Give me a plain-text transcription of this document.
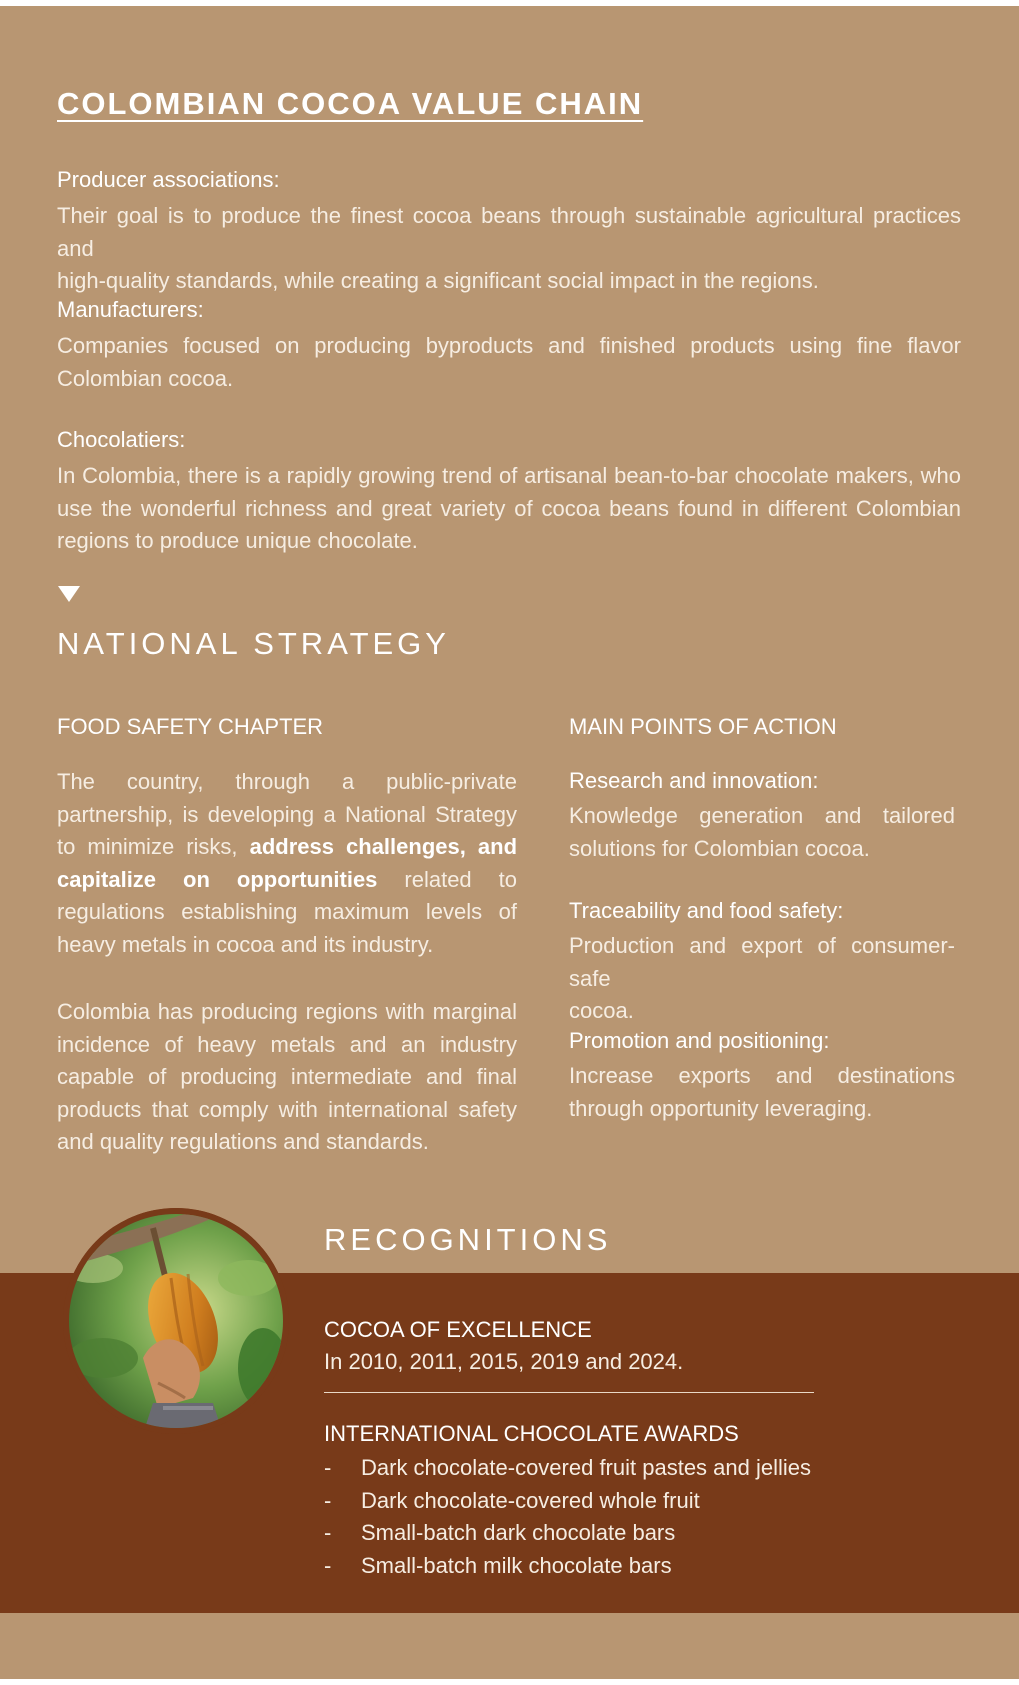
COLOMBIAN COCOA VALUE CHAIN
Producer associations:
Their goal is to produce the finest cocoa beans through sustainable agricultural practices and
high-quality standards, while creating a significant social impact in the regions.
Manufacturers:
Companies focused on producing byproducts and finished products using fine flavor
Colombian cocoa.
Chocolatiers:
In Colombia, there is a rapidly growing trend of artisanal bean-to-bar chocolate makers, who
use the wonderful richness and great variety of cocoa beans found in different Colombian
regions to produce unique chocolate.
NATIONAL STRATEGY
FOOD SAFETY CHAPTER
The country, through a public-private
partnership, is developing a National Strategy
to minimize risks, address challenges, and
capitalize on opportunities related to
regulations establishing maximum levels of
heavy metals in cocoa and its industry.
Colombia has producing regions with marginal
incidence of heavy metals and an industry
capable of producing intermediate and final
products that comply with international safety
and quality regulations and standards.
MAIN POINTS OF ACTION
Research and innovation:
Knowledge generation and tailored
solutions for Colombian cocoa.
Traceability and food safety:
Production and export of consumer-safe
cocoa.
Promotion and positioning:
Increase exports and destinations
through opportunity leveraging.
RECOGNITIONS
COCOA OF EXCELLENCE
In 2010, 2011, 2015, 2019 and 2024.
INTERNATIONAL CHOCOLATE AWARDS
- Dark chocolate-covered fruit pastes and jellies
- Dark chocolate-covered whole fruit
- Small-batch dark chocolate bars
- Small-batch milk chocolate bars
